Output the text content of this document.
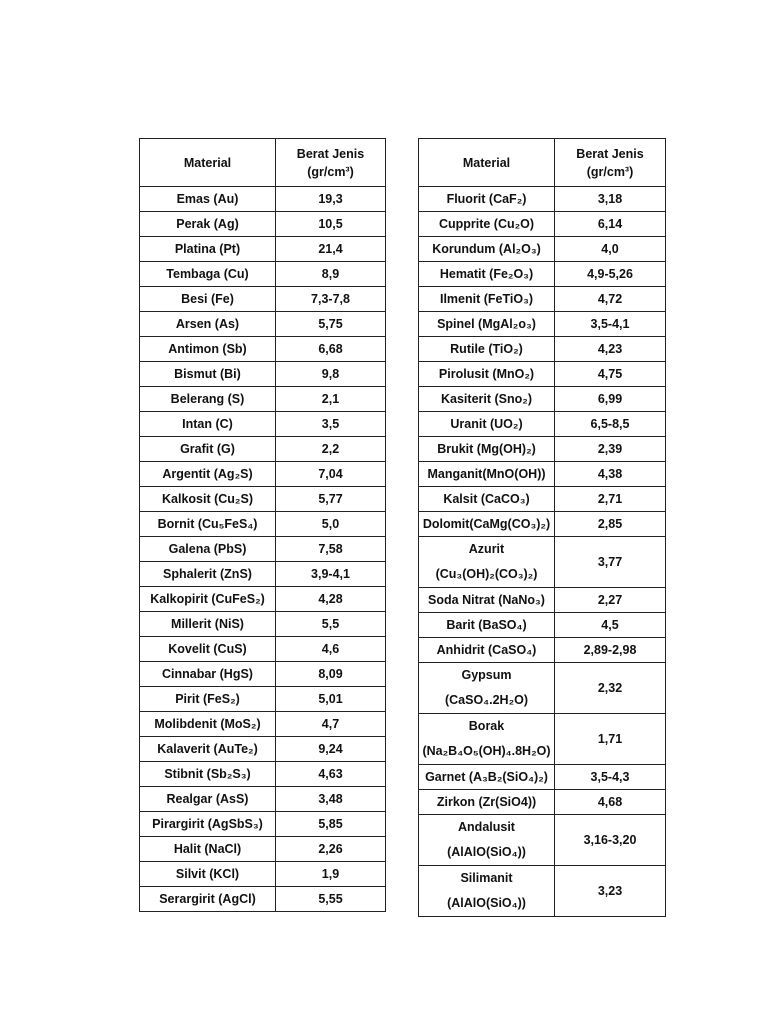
Material	Berat Jenis
(gr/cm³)

Emas (Au)	19,3

Perak (Ag)	10,5

Platina (Pt)	21,4

Tembaga (Cu)	8,9

Besi (Fe)	7,3-7,8

Arsen (As)	5,75

Antimon (Sb)	6,68

Bismut (Bi)	9,8

Belerang (S)	2,1

Intan (C)	3,5

Grafit (G)	2,2

Argentit (Ag₂S)	7,04

Kalkosit (Cu₂S)	5,77

Bornit (Cu₅FeS₄)	5,0

Galena (PbS)	7,58

Sphalerit (ZnS)	3,9-4,1

Kalkopirit (CuFeS₂)	4,28

Millerit (NiS)	5,5

Kovelit (CuS)	4,6

Cinnabar (HgS)	8,09

Pirit (FeS₂)	5,01

Molibdenit (MoS₂)	4,7

Kalaverit (AuTe₂)	9,24

Stibnit (Sb₂S₃)	4,63

Realgar (AsS)	3,48

Pirargirit (AgSbS₃)	5,85

Halit (NaCl)	2,26

Silvit (KCl)	1,9

Serargirit (AgCl)	5,55
Material	Berat Jenis
(gr/cm³)

Fluorit (CaF₂)	3,18

Cupprite (Cu₂O)	6,14

Korundum (Al₂O₃)	4,0

Hematit (Fe₂O₃)	4,9-5,26

Ilmenit (FeTiO₃)	4,72

Spinel (MgAl₂o₃)	3,5-4,1

Rutile (TiO₂)	4,23

Pirolusit (MnO₂)	4,75

Kasiterit (Sno₂)	6,99

Uranit (UO₂)	6,5-8,5

Brukit (Mg(OH)₂)	2,39

Manganit(MnO(OH))	4,38

Kalsit (CaCO₃)	2,71

Dolomit(CaMg(CO₃)₂)	2,85

Azurit
(Cu₃(OH)₂(CO₃)₂)	3,77

Soda Nitrat (NaNo₃)	2,27

Barit (BaSO₄)	4,5

Anhidrit (CaSO₄)	2,89-2,98

Gypsum
(CaSO₄.2H₂O)	2,32

Borak
(Na₂B₄O₅(OH)₄.8H₂O)	1,71

Garnet (A₃B₂(SiO₄)₂)	3,5-4,3

Zirkon (Zr(SiO4))	4,68

Andalusit
(AlAlO(SiO₄))	3,16-3,20

Silimanit
(AlAlO(SiO₄))	3,23
